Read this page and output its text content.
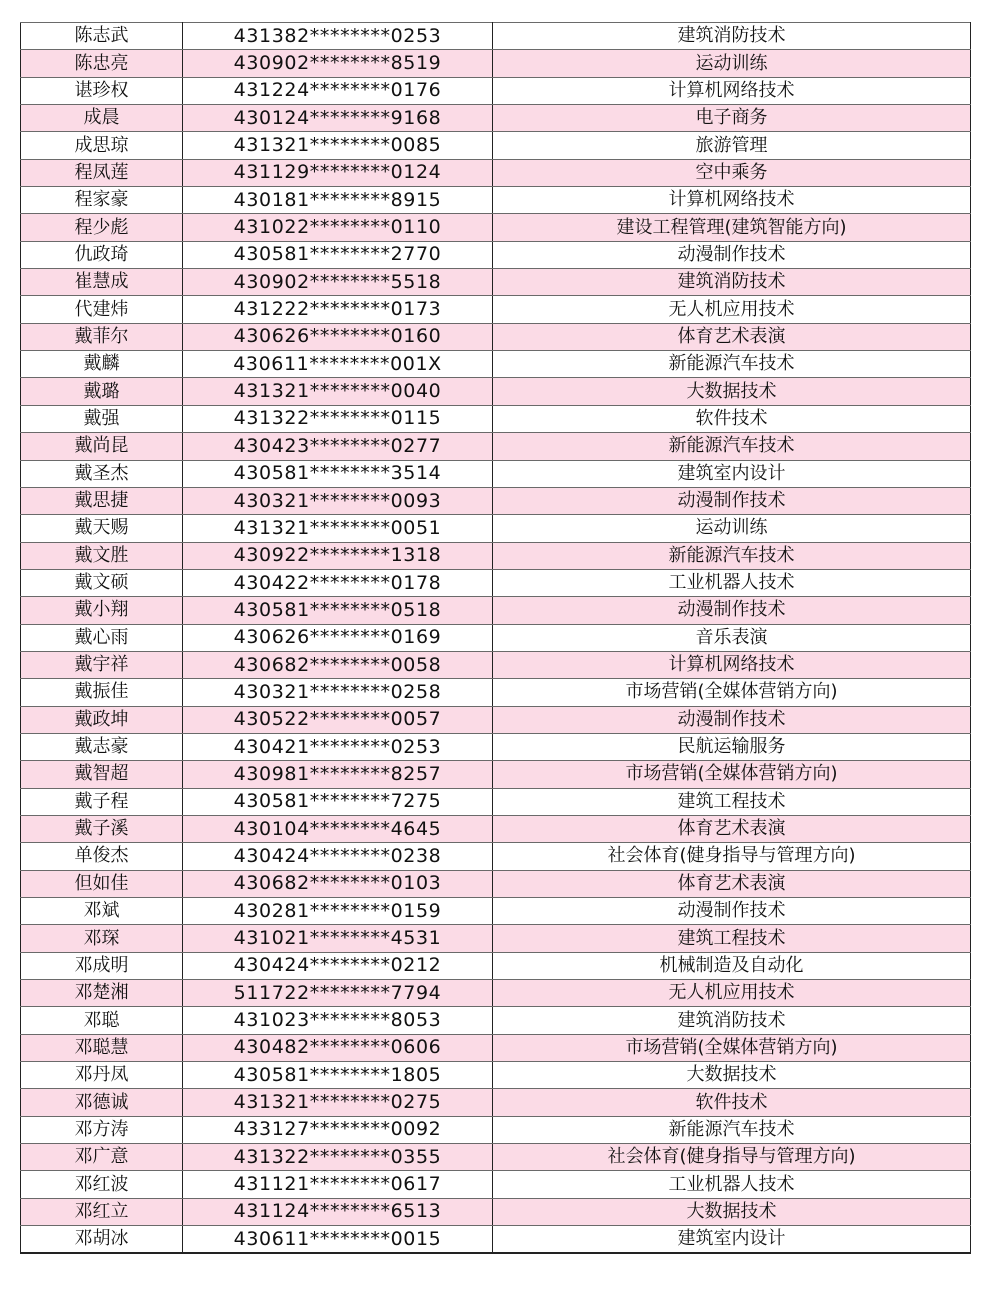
陈志武	431382********0253	建筑消防技术
陈忠亮	430902********8519	运动训练
谌珍权	431224********0176	计算机网络技术
成晨	430124********9168	电子商务
成思琼	431321********0085	旅游管理
程凤莲	431129********0124	空中乘务
程家豪	430181********8915	计算机网络技术
程少彪	431022********0110	建设工程管理(建筑智能方向)
仇政琦	430581********2770	动漫制作技术
崔慧成	430902********5518	建筑消防技术
代建炜	431222********0173	无人机应用技术
戴菲尔	430626********0160	体育艺术表演
戴麟	430611********001X	新能源汽车技术
戴璐	431321********0040	大数据技术
戴强	431322********0115	软件技术
戴尚昆	430423********0277	新能源汽车技术
戴圣杰	430581********3514	建筑室内设计
戴思捷	430321********0093	动漫制作技术
戴天赐	431321********0051	运动训练
戴文胜	430922********1318	新能源汽车技术
戴文硕	430422********0178	工业机器人技术
戴小翔	430581********0518	动漫制作技术
戴心雨	430626********0169	音乐表演
戴宇祥	430682********0058	计算机网络技术
戴振佳	430321********0258	市场营销(全媒体营销方向)
戴政坤	430522********0057	动漫制作技术
戴志豪	430421********0253	民航运输服务
戴智超	430981********8257	市场营销(全媒体营销方向)
戴子程	430581********7275	建筑工程技术
戴子溪	430104********4645	体育艺术表演
单俊杰	430424********0238	社会体育(健身指导与管理方向)
但如佳	430682********0103	体育艺术表演
邓斌	430281********0159	动漫制作技术
邓琛	431021********4531	建筑工程技术
邓成明	430424********0212	机械制造及自动化
邓楚湘	511722********7794	无人机应用技术
邓聪	431023********8053	建筑消防技术
邓聪慧	430482********0606	市场营销(全媒体营销方向)
邓丹凤	430581********1805	大数据技术
邓德诚	431321********0275	软件技术
邓方涛	433127********0092	新能源汽车技术
邓广意	431322********0355	社会体育(健身指导与管理方向)
邓红波	431121********0617	工业机器人技术
邓红立	431124********6513	大数据技术
邓胡冰	430611********0015	建筑室内设计
